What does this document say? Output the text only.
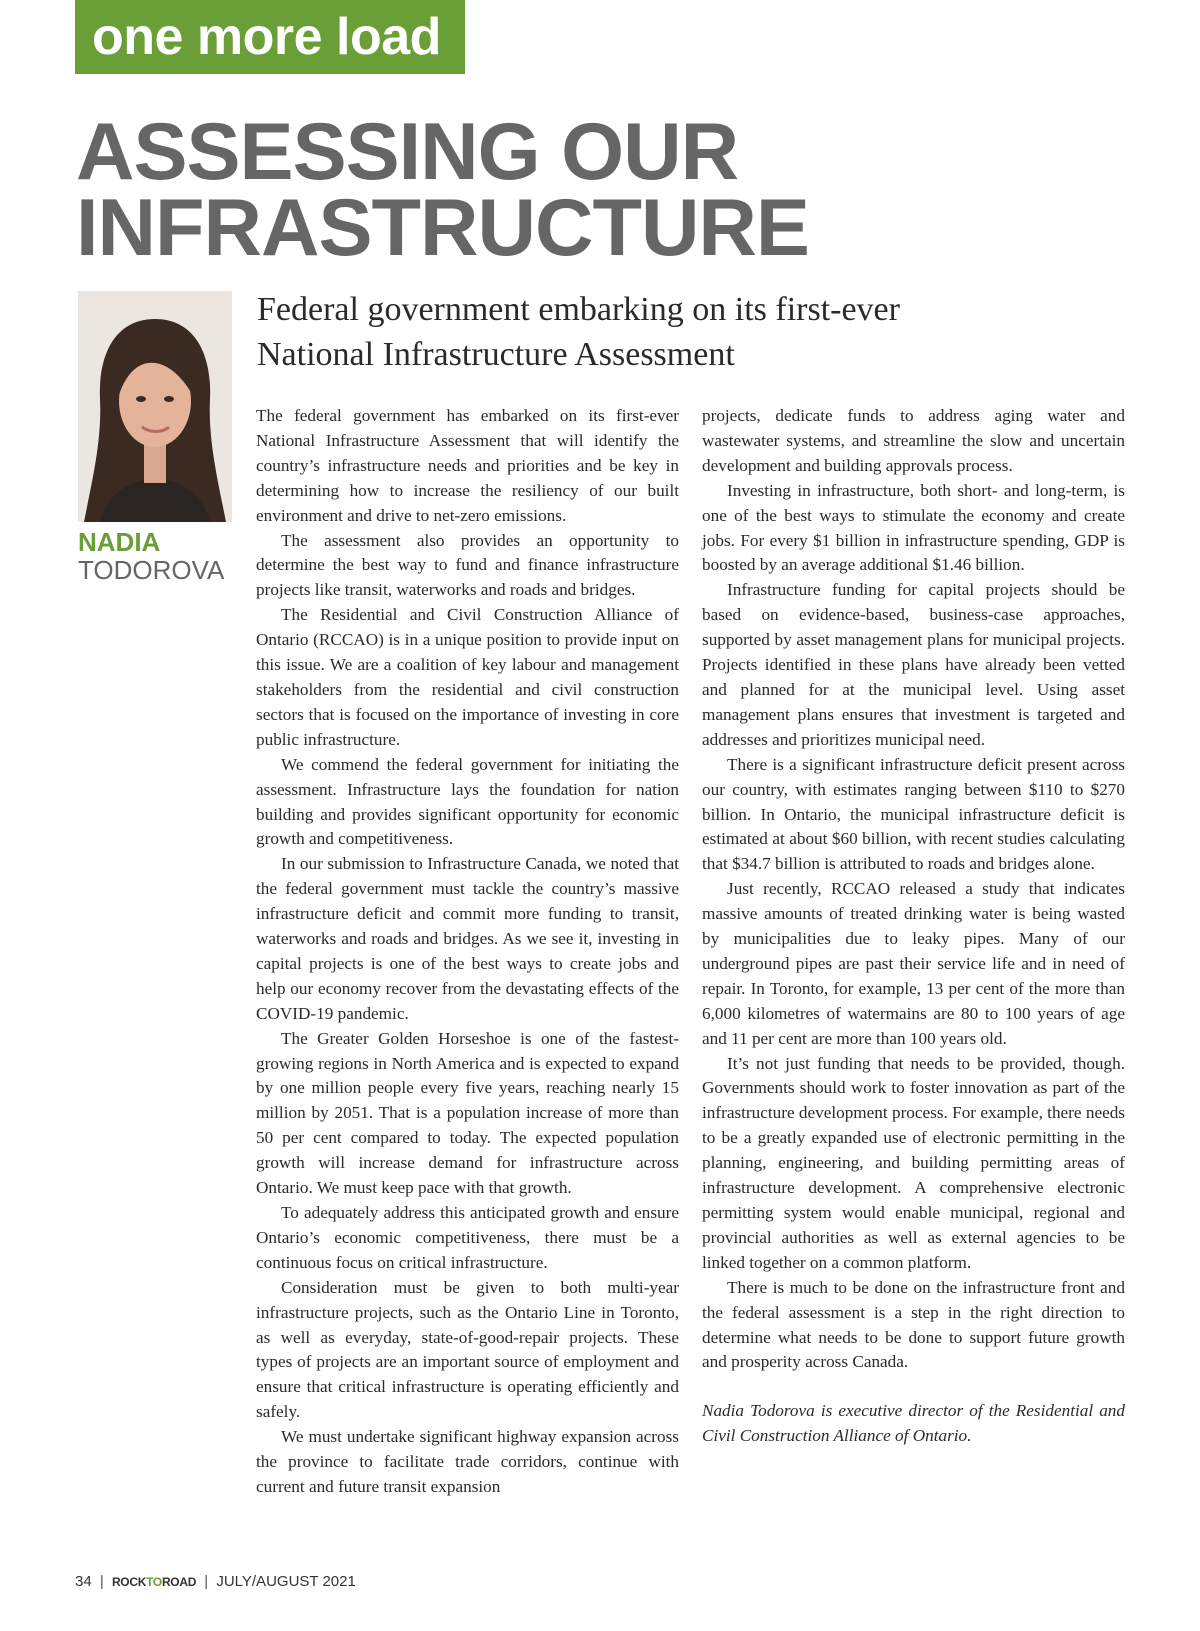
one more load
ASSESSING OUR
INFRASTRUCTURE
NADIA
TODOROVA
Federal government embarking on its first-ever
National Infrastructure Assessment

The federal government has embarked on its first-ever National Infrastructure Assessment that will identify the country’s infrastructure needs and priorities and be key in determining how to increase the resiliency of our built environment and drive to net-zero emissions.

The assessment also provides an opportunity to determine the best way to fund and finance infrastructure projects like transit, waterworks and roads and bridges.

The Residential and Civil Construction Alliance of Ontario (RCCAO) is in a unique position to provide input on this issue. We are a coalition of key labour and management stakeholders from the residential and civil construction sectors that is focused on the importance of investing in core public infrastructure.

We commend the federal government for initiating the assessment. Infrastructure lays the foundation for nation building and provides significant opportunity for economic growth and competitiveness.

In our submission to Infrastructure Canada, we noted that the federal government must tackle the country’s massive infrastructure deficit and commit more funding to transit, waterworks and roads and bridges. As we see it, investing in capital projects is one of the best ways to create jobs and help our economy recover from the devastating effects of the COVID-19 pandemic.

The Greater Golden Horseshoe is one of the fastest-growing regions in North America and is expected to expand by one million people every five years, reaching nearly 15 million by 2051. That is a population increase of more than 50 per cent compared to today. The expected population growth will increase demand for infrastructure across Ontario. We must keep pace with that growth.

To adequately address this anticipated growth and ensure Ontario’s economic competitiveness, there must be a continuous focus on critical infrastructure.

Consideration must be given to both multi-year infrastructure projects, such as the Ontario Line in Toronto, as well as everyday, state-of-good-repair projects. These types of projects are an important source of employment and ensure that critical infrastructure is operating efficiently and safely.

We must undertake significant highway expansion across the province to facilitate trade corridors, continue with current and future transit expansion

projects, dedicate funds to address aging water and wastewater systems, and streamline the slow and uncertain development and building approvals process.

Investing in infrastructure, both short- and long-term, is one of the best ways to stimulate the economy and create jobs. For every $1 billion in infrastructure spending, GDP is boosted by an average additional $1.46 billion.

Infrastructure funding for capital projects should be based on evidence-based, business-case approaches, supported by asset management plans for municipal projects. Projects identified in these plans have already been vetted and planned for at the municipal level. Using asset management plans ensures that investment is targeted and addresses and prioritizes municipal need.

There is a significant infrastructure deficit present across our country, with estimates ranging between $110 to $270 billion. In Ontario, the municipal infrastructure deficit is estimated at about $60 billion, with recent studies calculating that $34.7 billion is attributed to roads and bridges alone.

Just recently, RCCAO released a study that indicates massive amounts of treated drinking water is being wasted by municipalities due to leaky pipes. Many of our underground pipes are past their service life and in need of repair. In Toronto, for example, 13 per cent of the more than 6,000 kilometres of watermains are 80 to 100 years of age and 11 per cent are more than 100 years old.

It’s not just funding that needs to be provided, though. Governments should work to foster innovation as part of the infrastructure development process. For example, there needs to be a greatly expanded use of electronic permitting in the planning, engineering, and building permitting areas of infrastructure development. A comprehensive electronic permitting system would enable municipal, regional and provincial authorities as well as external agencies to be linked together on a common platform.

There is much to be done on the infrastructure front and the federal assessment is a step in the right direction to determine what needs to be done to support future growth and prosperity across Canada.

Nadia Todorova is executive director of the Residential and Civil Construction Alliance of Ontario.

34 | ROCKTOROAD | JULY/AUGUST 2021
